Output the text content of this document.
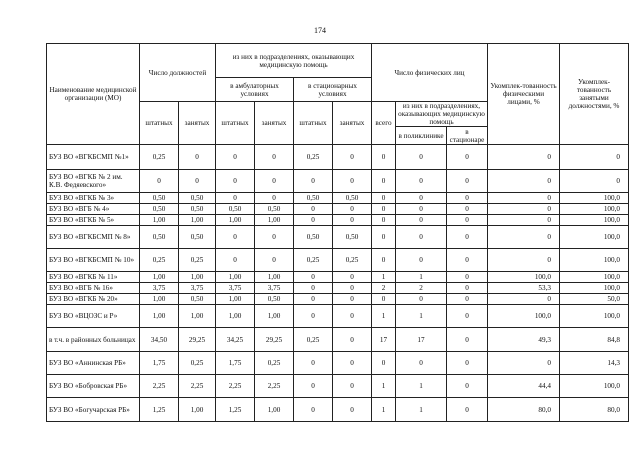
174
Наименование медицинской организации (МО)	Число должностей		из них в подразделениях, оказывающих медицинскую помощь				Число физических лиц			Укомплек-тованность физическими лицами, %	Укомплек-тованность занятыми должностями, %
			в амбулаторных условиях		в стационарных условиях						
	штатных	занятых	штатных	занятых	штатных	занятых	всего	из них в подразделениях, оказывающих медицинскую помощь			
								в поликлинике	в стационаре		
БУЗ ВО «ВГКБСМП №1»	0,25	0	0	0	0,25	0	0	0	0	0	0
БУЗ ВО «ВГКБ № 2 им. К.В. Федяевского»	0	0	0	0	0	0	0	0	0	0	0
БУЗ ВО «ВГКБ № 3»	0,50	0,50	0	0	0,50	0,50	0	0	0	0	100,0
БУЗ ВО «ВГБ № 4»	0,50	0,50	0,50	0,50	0	0	0	0	0	0	100,0
БУЗ ВО «ВГКБ № 5»	1,00	1,00	1,00	1,00	0	0	0	0	0	0	100,0
БУЗ ВО «ВГКБСМП № 8»	0,50	0,50	0	0	0,50	0,50	0	0	0	0	100,0
БУЗ ВО «ВГКБСМП № 10»	0,25	0,25	0	0	0,25	0,25	0	0	0	0	100,0
БУЗ ВО «ВГКБ № 11»	1,00	1,00	1,00	1,00	0	0	1	1	0	100,0	100,0
БУЗ ВО «ВГБ № 16»	3,75	3,75	3,75	3,75	0	0	2	2	0	53,3	100,0
БУЗ ВО «ВГКБ № 20»	1,00	0,50	1,00	0,50	0	0	0	0	0	0	50,0
БУЗ ВО «ВЦОЗС и Р»	1,00	1,00	1,00	1,00	0	0	1	1	0	100,0	100,0
в т.ч. в районных больницах	34,50	29,25	34,25	29,25	0,25	0	17	17	0	49,3	84,8
БУЗ ВО «Аннинская РБ»	1,75	0,25	1,75	0,25	0	0	0	0	0	0	14,3
БУЗ ВО «Бобровская РБ»	2,25	2,25	2,25	2,25	0	0	1	1	0	44,4	100,0
БУЗ ВО «Богучарская РБ»	1,25	1,00	1,25	1,00	0	0	1	1	0	80,0	80,0
